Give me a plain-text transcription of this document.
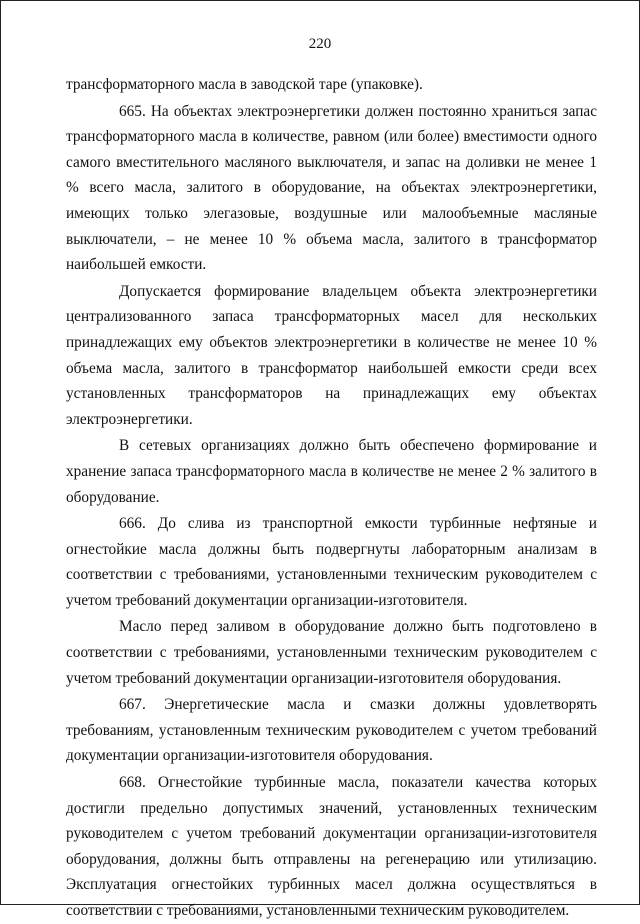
220

трансформаторного масла в заводской таре (упаковке).

665. На объектах электроэнергетики должен постоянно храниться запас трансформаторного масла в количестве, равном (или более) вместимости одного самого вместительного масляного выключателя, и запас на доливки не менее 1 % всего масла, залитого в оборудование, на объектах электроэнергетики, имеющих только элегазовые, воздушные или малообъемные масляные выключатели, – не менее 10 % объема масла, залитого в трансформатор наибольшей емкости.

Допускается формирование владельцем объекта электроэнергетики централизованного запаса трансформаторных масел для нескольких принадлежащих ему объектов электроэнергетики в количестве не менее 10 % объема масла, залитого в трансформатор наибольшей емкости среди всех установленных трансформаторов на принадлежащих ему объектах электроэнергетики.

В сетевых организациях должно быть обеспечено формирование и хранение запаса трансформаторного масла в количестве не менее 2 % залитого в оборудование.

666. До слива из транспортной емкости турбинные нефтяные и огнестойкие масла должны быть подвергнуты лабораторным анализам в соответствии с требованиями, установленными техническим руководителем с учетом требований документации организации-изготовителя.

Масло перед заливом в оборудование должно быть подготовлено в соответствии с требованиями, установленными техническим руководителем с учетом требований документации организации-изготовителя оборудования.

667. Энергетические масла и смазки должны удовлетворять требованиям, установленным техническим руководителем с учетом требований документации организации-изготовителя оборудования.

668. Огнестойкие турбинные масла, показатели качества которых достигли предельно допустимых значений, установленных техническим руководителем с учетом требований документации организации-изготовителя оборудования, должны быть отправлены на регенерацию или утилизацию. Эксплуатация огнестойких турбинных масел должна осуществляться в соответствии с требованиями, установленными техническим руководителем.
